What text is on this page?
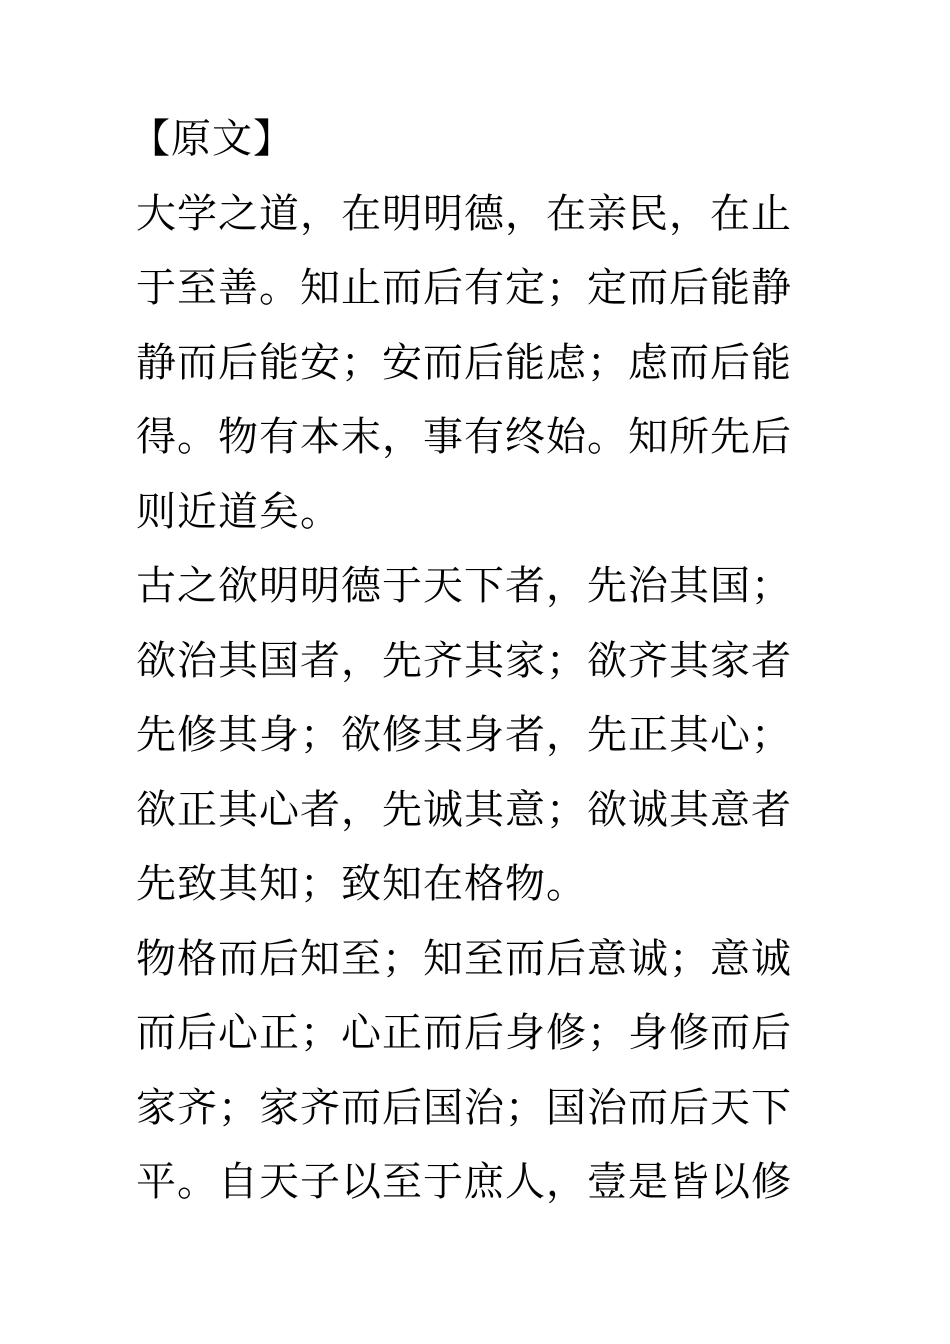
【原文】
大学之道，在明明德，在亲民，在止
于至善。知止而后有定；定而后能静
静而后能安；安而后能虑；虑而后能
得。物有本末，事有终始。知所先后
则近道矣。
古之欲明明德于天下者，先治其国；
欲治其国者，先齐其家；欲齐其家者
先修其身；欲修其身者，先正其心；
欲正其心者，先诚其意；欲诚其意者
先致其知；致知在格物。
物格而后知至；知至而后意诚；意诚
而后心正；心正而后身修；身修而后
家齐；家齐而后国治；国治而后天下
平。自天子以至于庶人，壹是皆以修
